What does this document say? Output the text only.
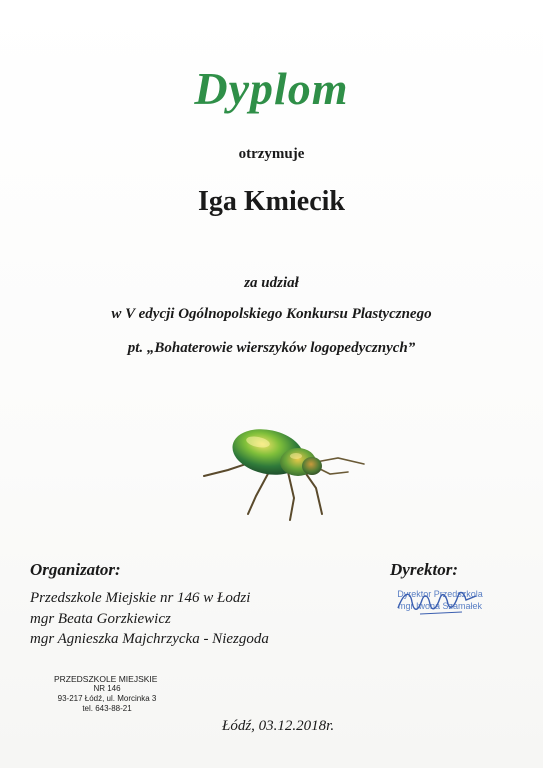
Dyplom
otrzymuje
Iga Kmiecik
za udział
w V edycji Ogólnopolskiego Konkursu Plastycznego
pt. „Bohaterowie wierszyków logopedycznych”
Organizator:
Przedszkole Miejskie nr 146 w Łodzi
mgr Beata Gorzkiewicz
mgr Agnieszka Majchrzycka - Niezgoda
Dyrektor:
Dyrektor Przedszkola
mgr Iwona Szamałek
PRZEDSZKOLE MIEJSKIE
NR 146
93-217 Łódź, ul. Morcinka 3
tel. 643-88-21
Łódź, 03.12.2018r.
